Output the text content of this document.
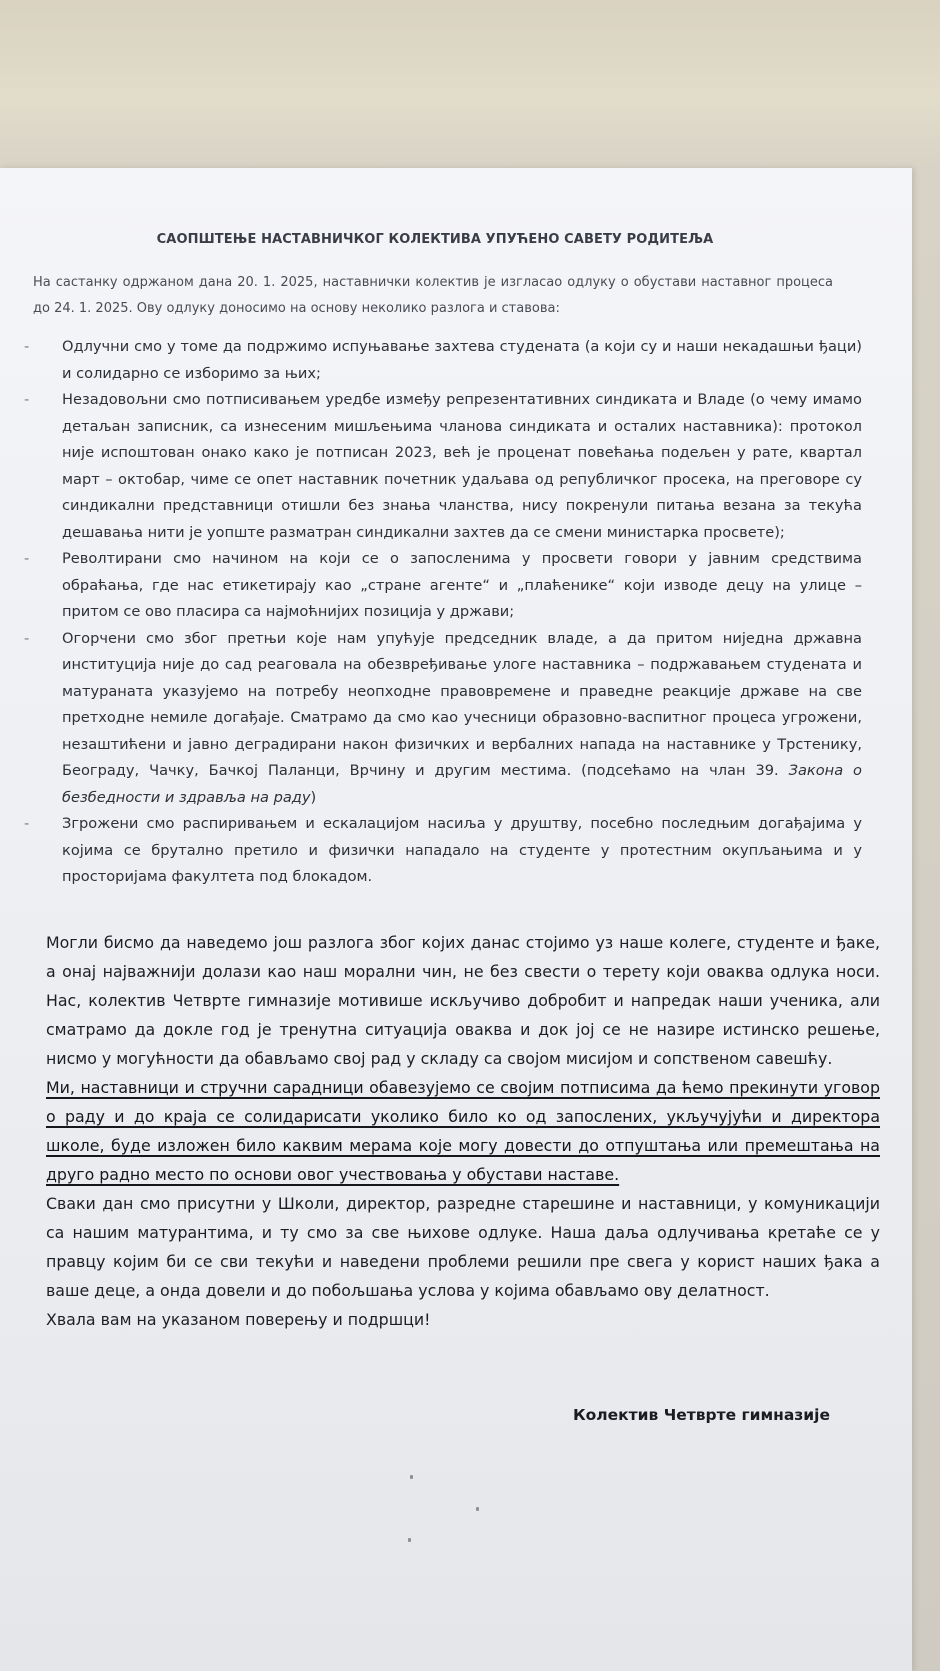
САОПШТЕЊЕ НАСТАВНИЧКОГ КОЛЕКТИВА УПУЋЕНО САВЕТУ РОДИТЕЉА

На састанку одржаном дана 20. 1. 2025, наставнички колектив је изгласао одлуку о обустави наставног процеса до 24. 1. 2025. Ову одлуку доносимо на основу неколико разлога и ставова:

- Одлучни смо у томе да подржимо испуњавање захтева студената (а који су и наши некадашњи ђаци) и солидарно се изборимо за њих;
- Незадовољни смо потписивањем уредбе између репрезентативних синдиката и Владе (о чему имамо детаљан записник, са изнесеним мишљењима чланова синдиката и осталих наставника): протокол није испоштован онако како је потписан 2023, већ је проценат повећања подељен у рате, квартал март – октобар, чиме се опет наставник почетник удаљава од републичког просека, на преговоре су синдикални представници отишли без знања чланства, нису покренули питања везана за текућа дешавања нити је уопште разматран синдикални захтев да се смени министарка просвете);
- Револтирани смо начином на који се о запосленима у просвети говори у јавним средствима обраћања, где нас етикетирају као „стране агенте“ и „плаћенике“ који изводе децу на улице – притом се ово пласира са најмоћнијих позиција у држави;
- Огорчени смо због претњи које нам упућује председник владе, а да притом ниједна државна институција није до сад реаговала на обезвређивање улоге наставника – подржавањем студената и матураната указујемо на потребу неопходне правовремене и праведне реакције државе на све претходне немиле догађаје. Сматрамо да смо као учесници образовно-васпитног процеса угрожени, незаштићени и јавно деградирани након физичких и вербалних напада на наставнике у Трстенику, Београду, Чачку, Бачкој Паланци, Врчину и другим местима. (подсећамо на члан 39. Закона о безбедности и здравља на раду)
- Згрожени смо распиривањем и ескалацијом насиља у друштву, посебно последњим догађајима у којима се брутално претило и физички нападало на студенте у протестним окупљањима и у просторијама факултета под блокадом.

Могли бисмо да наведемо још разлога због којих данас стојимо уз наше колеге, студенте и ђаке, а онај најважнији долази као наш морални чин, не без свести о терету који оваква одлука носи. Нас, колектив Четврте гимназије мотивише искључиво добробит и напредак наши ученика, али сматрамо да докле год је тренутна ситуација оваква и док јој се не назире истинско решење, нисмо у могућности да обављамо свој рад у складу са својом мисијом и сопственом савешћу.

Ми, наставници и стручни сарадници обавезујемо се својим потписима да ћемо прекинути уговор о раду и до краја се солидарисати уколико било ко од запослених, укључујући и директора школе, буде изложен било каквим мерама које могу довести до отпуштања или премештања на друго радно место по основи овог учествовања у обустави наставе.

Сваки дан смо присутни у Школи, директор, разредне старешине и наставници, у комуникацији са нашим матурантима, и ту смо за све њихове одлуке. Наша даља одлучивања кретаће се у правцу којим би се сви текући и наведени проблеми решили пре свега у корист наших ђака а ваше деце, а онда довели и до побољшања услова у којима обављамо ову делатност.

Хвала вам на указаном поверењу и подршци!

Колектив Четврте гимназије
